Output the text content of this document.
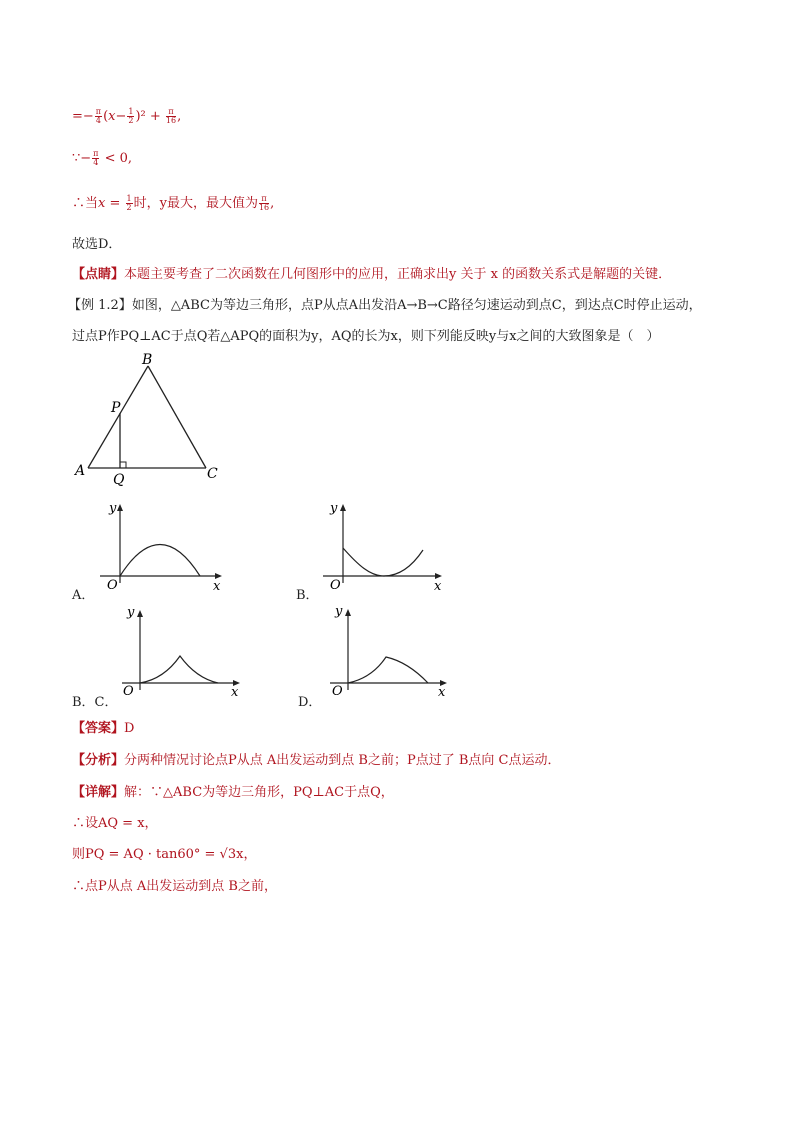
=− $\frac{\pi}{4} (x- \frac{1}{2} )^2 + \frac{\pi}{16}$ ,
∵− $\frac{\pi}{4} < 0$,
∴当$x = \frac{1}{2}$ 时，y最大，最大值为 $\frac{\pi}{16}$ ,
故选D．
【点睛】本题主要考查了二次函数在几何图形中的应用，正确求出y 关于 x 的函数关系式是解题的关键．
【例 1.2】如图，△ABC为等边三角形，点P从点A出发沿A→B→C路径匀速运动到点C，到达点C时停止运动，
过点P作PQ⊥AC于点Q若△APQ的面积为y，AQ的长为x，则下列能反映y与x之间的大致图象是（　）
B
P
A
Q	C
y
x
O
A．
y
x
O
B．
y
x
O
B．C．
y
x
O
D．
【答案】D
【分析】分两种情况讨论点P从点 A出发运动到点 B之前；P点过了 B点向 C点运动．
【详解】解：∵△ABC为等边三角形，PQ⊥AC于点Q，
∴设AQ = x，
则PQ = AQ · tan60° = √3x，
∴点P从点 A出发运动到点 B之前，
